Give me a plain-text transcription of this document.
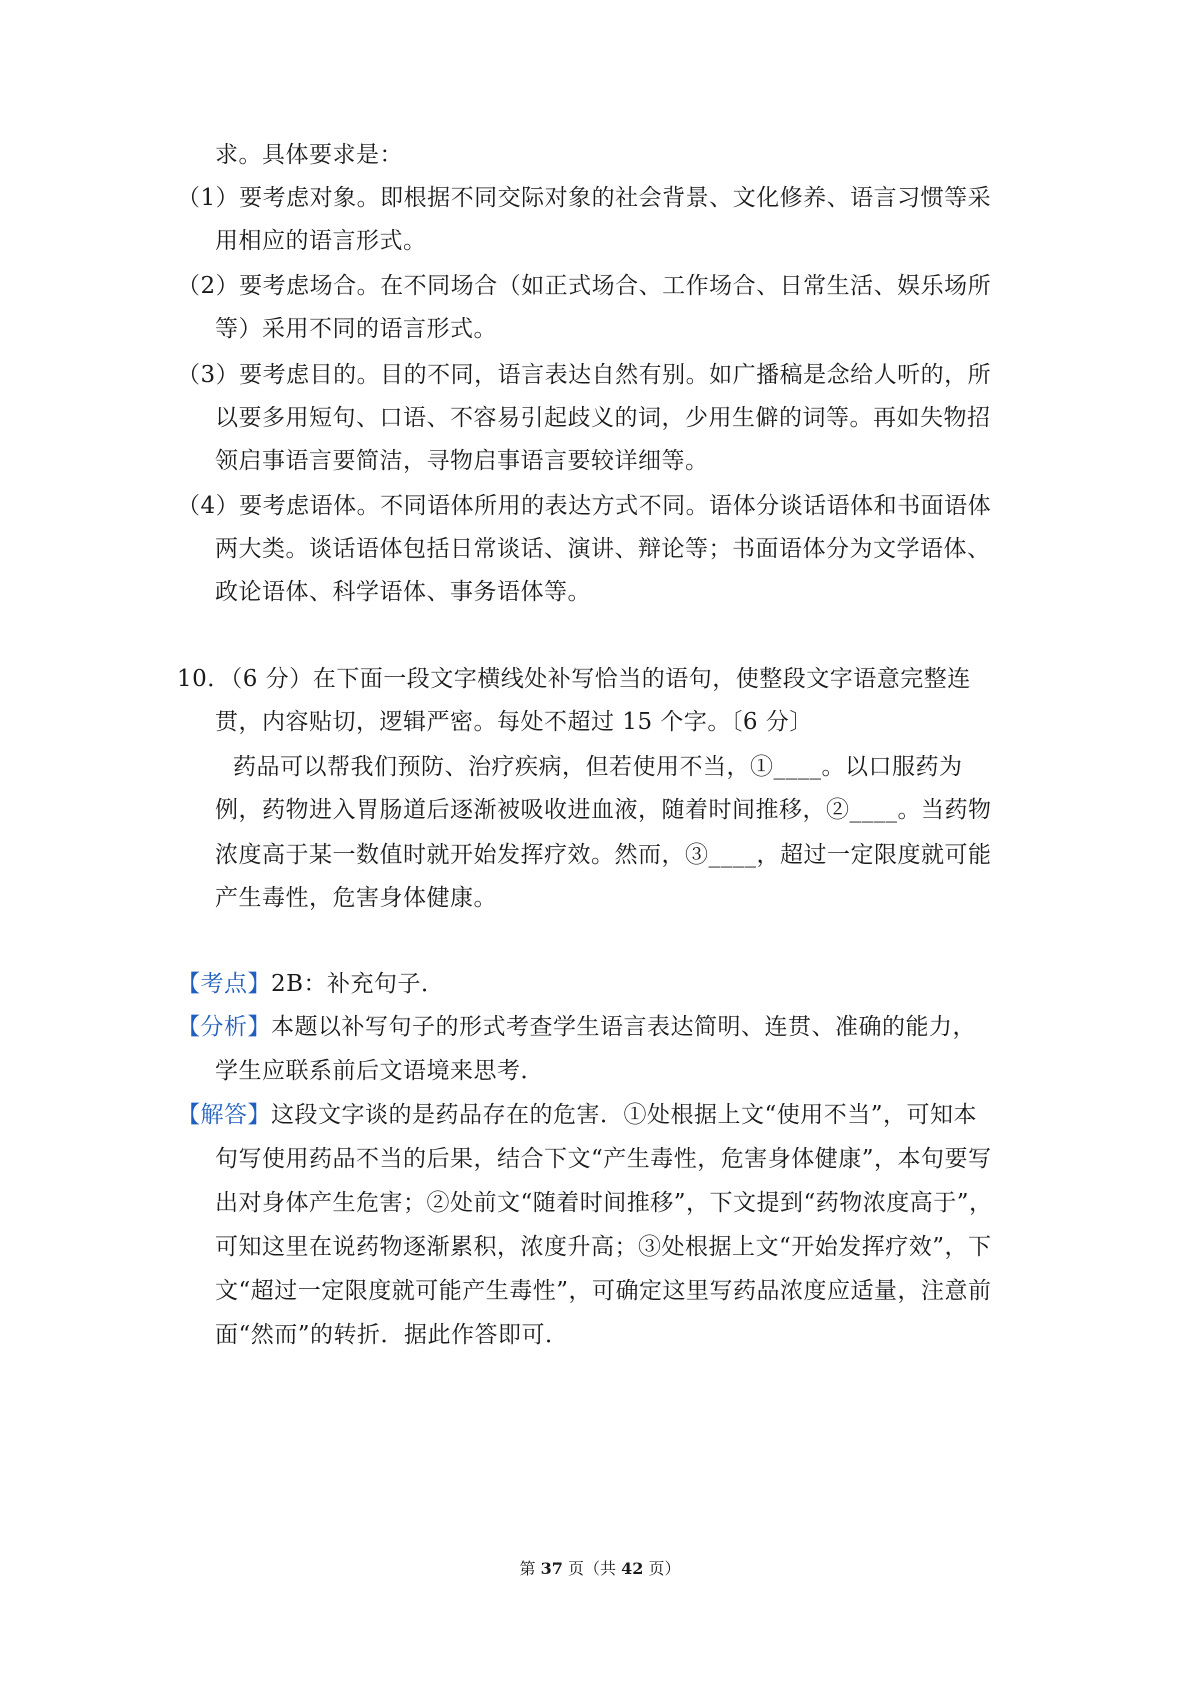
求。具体要求是：
（1）要考虑对象。即根据不同交际对象的社会背景、文化修养、语言习惯等采
用相应的语言形式。
（2）要考虑场合。在不同场合（如正式场合、工作场合、日常生活、娱乐场所
等）采用不同的语言形式。
（3）要考虑目的。目的不同，语言表达自然有别。如广播稿是念给人听的，所
以要多用短句、口语、不容易引起歧义的词，少用生僻的词等。再如失物招
领启事语言要简洁，寻物启事语言要较详细等。
（4）要考虑语体。不同语体所用的表达方式不同。语体分谈话语体和书面语体
两大类。谈话语体包括日常谈话、演讲、辩论等；书面语体分为文学语体、
政论语体、科学语体、事务语体等。
10．（6 分）在下面一段文字横线处补写恰当的语句，使整段文字语意完整连
贯，内容贴切，逻辑严密。每处不超过 15 个字。〔6 分〕
药品可以帮我们预防、治疗疾病，但若使用不当，①____。以口服药为
例，药物进入胃肠道后逐渐被吸收进血液，随着时间推移，②____。当药物
浓度高于某一数值时就开始发挥疗效。然而，③____，超过一定限度就可能
产生毒性，危害身体健康。
【考点】2B：补充句子．
【分析】本题以补写句子的形式考查学生语言表达简明、连贯、准确的能力，
学生应联系前后文语境来思考．
【解答】这段文字谈的是药品存在的危害．①处根据上文“使用不当”，可知本
句写使用药品不当的后果，结合下文“产生毒性，危害身体健康”，本句要写
出对身体产生危害；②处前文“随着时间推移”，下文提到“药物浓度高于”，
可知这里在说药物逐渐累积，浓度升高；③处根据上文“开始发挥疗效”，下
文“超过一定限度就可能产生毒性”，可确定这里写药品浓度应适量，注意前
面“然而”的转折．据此作答即可．
第 37 页（共 42 页）
